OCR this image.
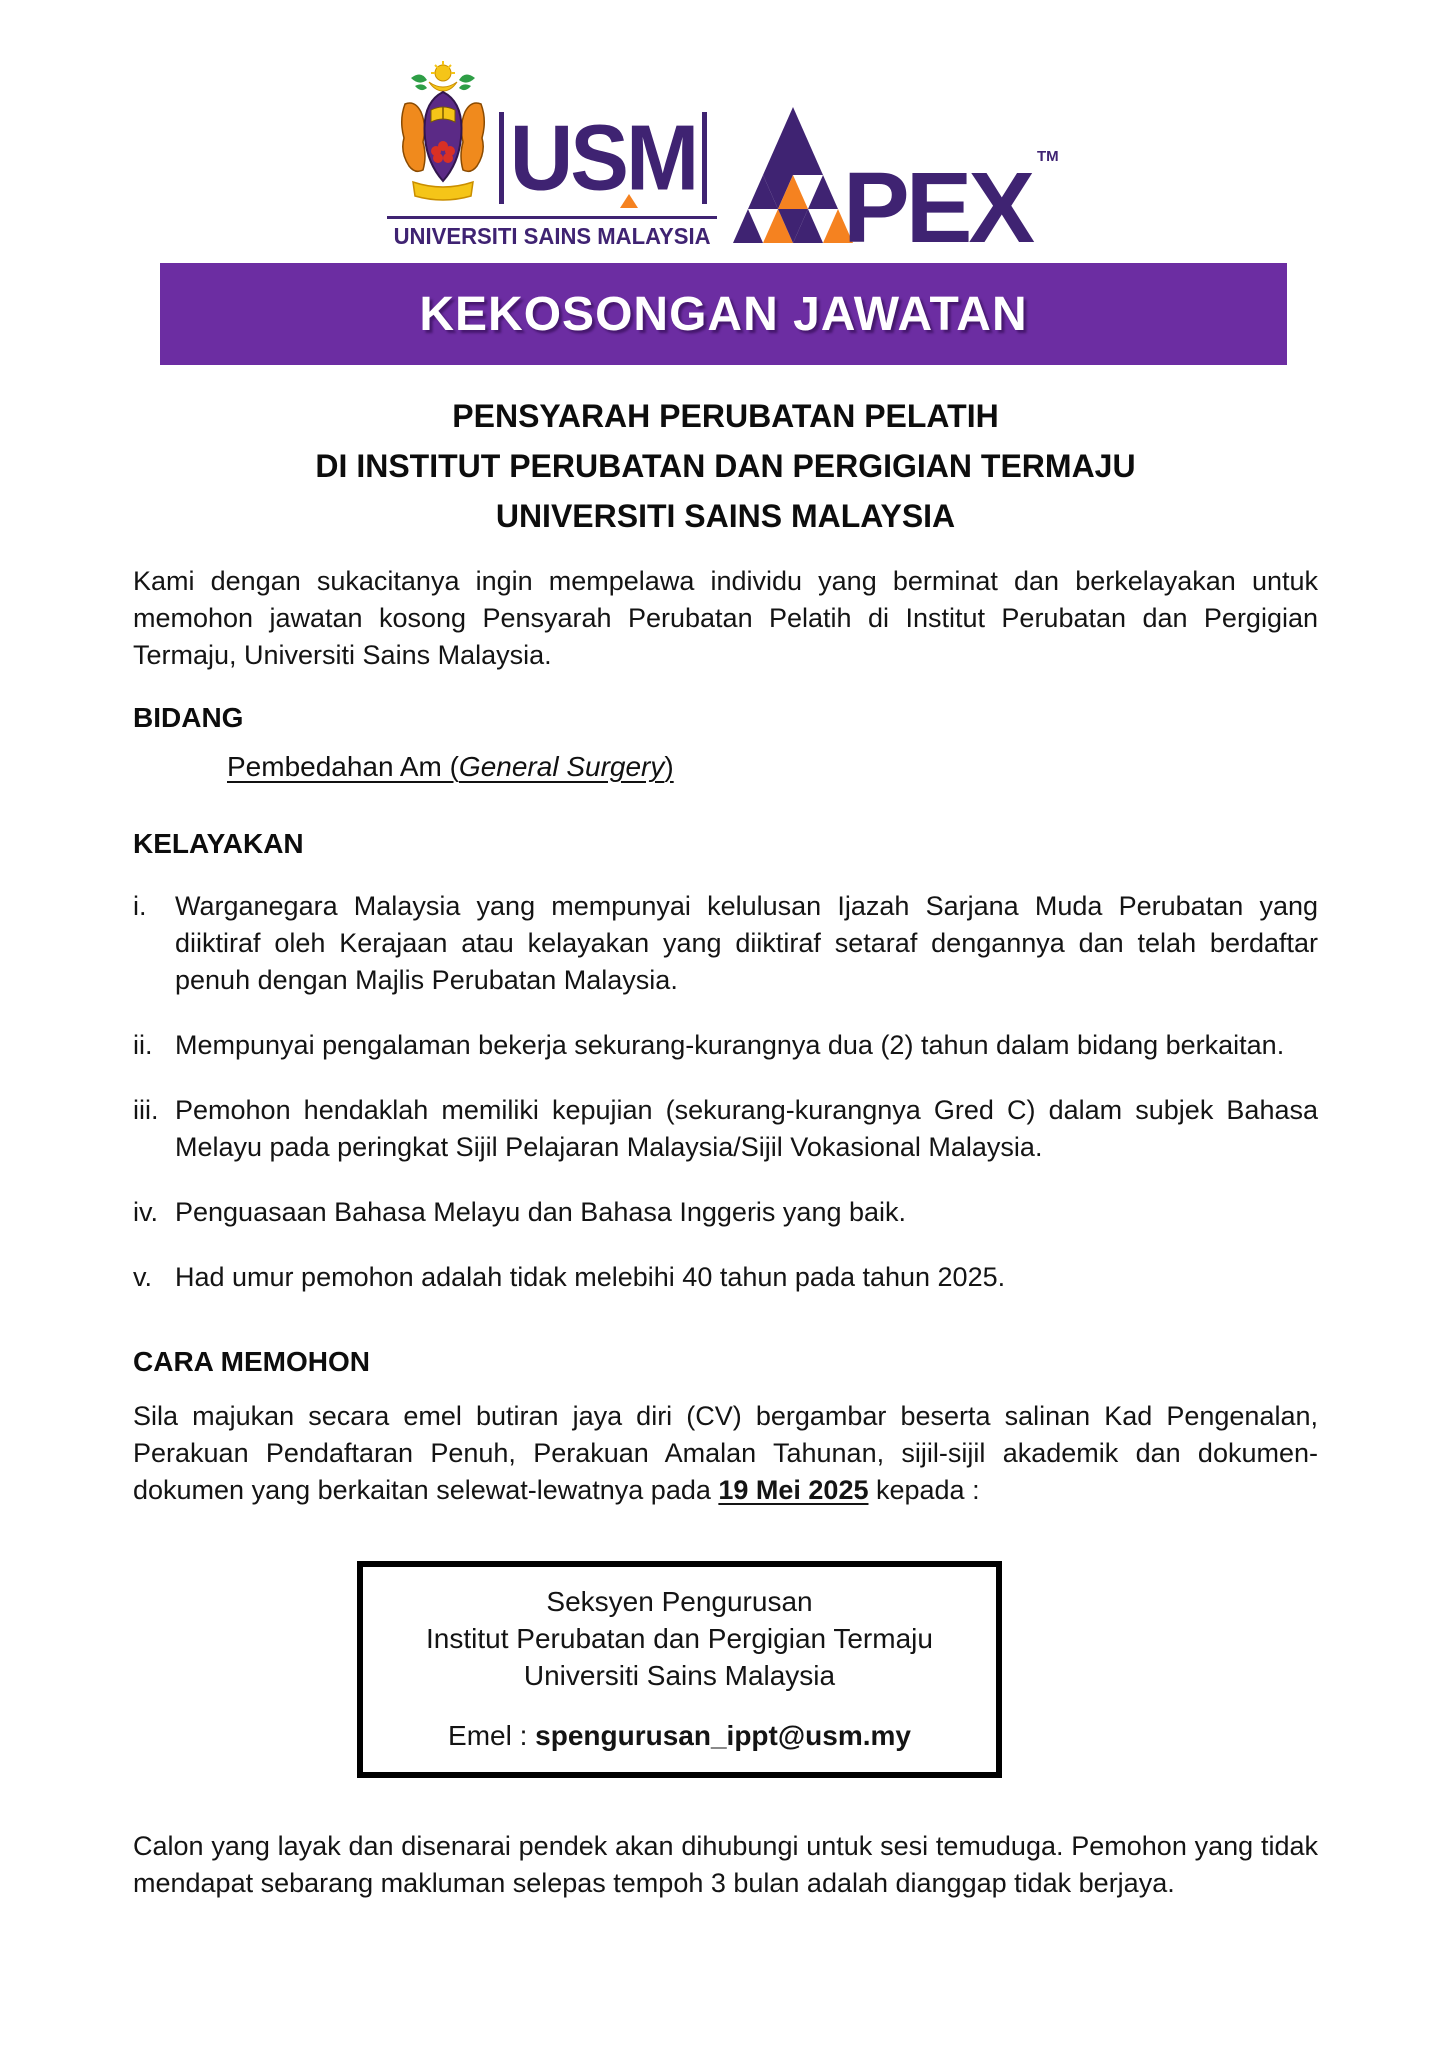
USM
UNIVERSITI SAINS MALAYSIA PEX TM
KEKOSONGAN JAWATAN
PENSYARAH PERUBATAN PELATIH
DI INSTITUT PERUBATAN DAN PERGIGIAN TERMAJU
UNIVERSITI SAINS MALAYSIA

Kami dengan sukacitanya ingin mempelawa individu yang berminat dan berkelayakan untuk memohon jawatan kosong Pensyarah Perubatan Pelatih di Institut Perubatan dan Pergigian Termaju, Universiti Sains Malaysia.

BIDANG
Pembedahan Am (General Surgery)
KELAYAKAN
i.	Warganegara Malaysia yang mempunyai kelulusan Ijazah Sarjana Muda Perubatan yang diiktiraf oleh Kerajaan atau kelayakan yang diiktiraf setaraf dengannya dan telah berdaftar penuh dengan Majlis Perubatan Malaysia.
ii. Mempunyai pengalaman bekerja sekurang-kurangnya dua (2) tahun dalam bidang berkaitan.
iii. Pemohon hendaklah memiliki kepujian (sekurang-kurangnya Gred C) dalam subjek Bahasa Melayu pada peringkat Sijil Pelajaran Malaysia/Sijil Vokasional Malaysia.
iv. Penguasaan Bahasa Melayu dan Bahasa Inggeris yang baik.
v. Had umur pemohon adalah tidak melebihi 40 tahun pada tahun 2025.
CARA MEMOHON

Sila majukan secara emel butiran jaya diri (CV) bergambar beserta salinan Kad Pengenalan, Perakuan Pendaftaran Penuh, Perakuan Amalan Tahunan, sijil-sijil akademik dan dokumen-dokumen yang berkaitan selewat-lewatnya pada 19 Mei 2025 kepada :

Seksyen Pengurusan
Institut Perubatan dan Pergigian Termaju
Universiti Sains Malaysia
Emel : spengurusan_ippt@usm.my

Calon yang layak dan disenarai pendek akan dihubungi untuk sesi temuduga. Pemohon yang tidak mendapat sebarang makluman selepas tempoh 3 bulan adalah dianggap tidak berjaya.
